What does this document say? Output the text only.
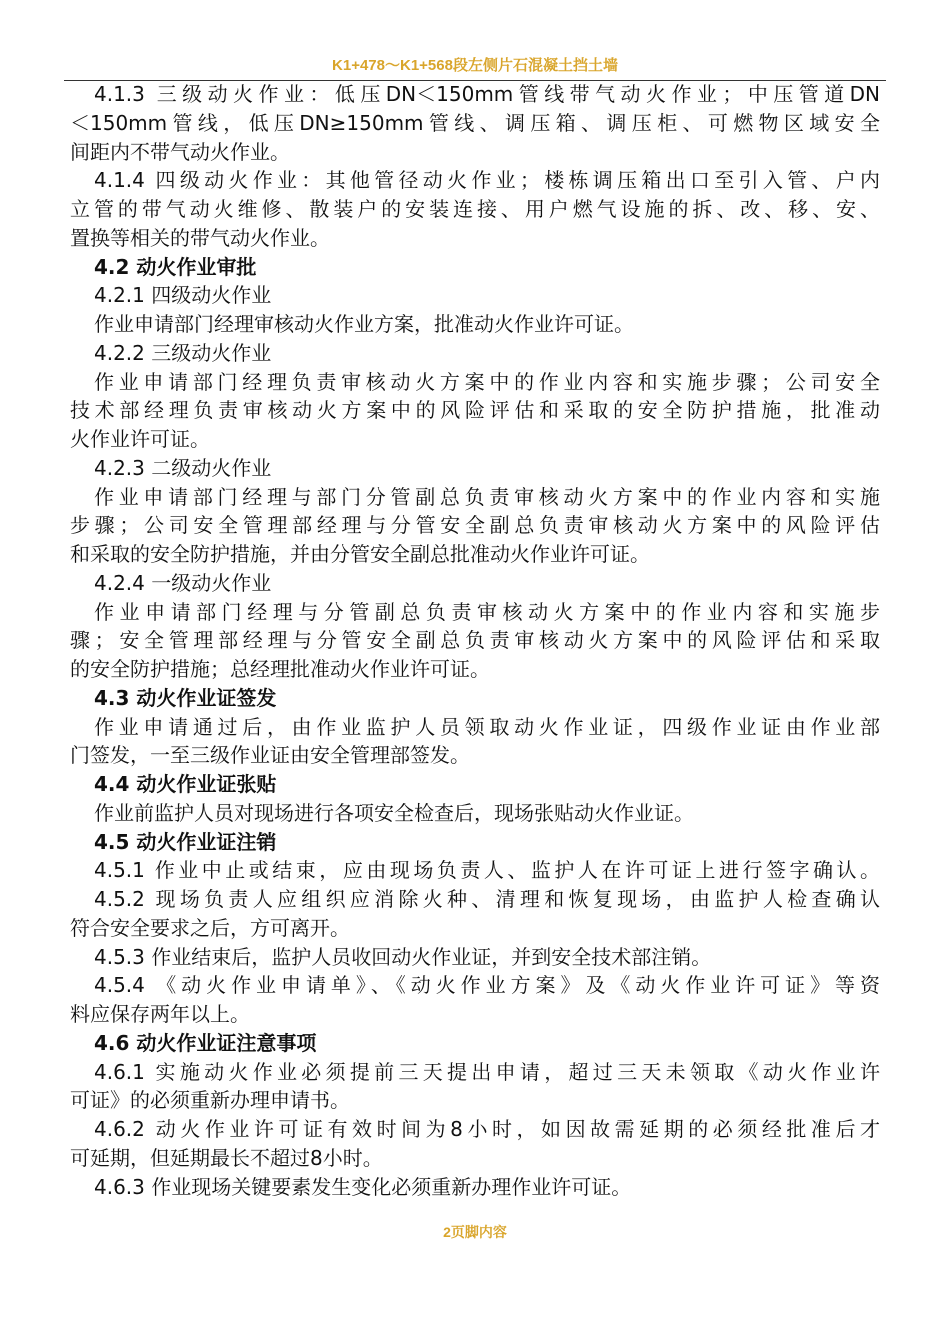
K1+478～K1+568段左侧片石混凝土挡土墙
4.1.3 三级动火作业：低压DN＜150mm管线带气动火作业；中压管道DN
＜150mm管线，低压DN≥150mm管线、调压箱、调压柜、可燃物区域安全
间距内不带气动火作业。
4.1.4 四级动火作业：其他管径动火作业；楼栋调压箱出口至引入管、户内
立管的带气动火维修、散装户的安装连接、用户燃气设施的拆、改、移、安、
置换等相关的带气动火作业。
4.2 动火作业审批
4.2.1 四级动火作业
作业申请部门经理审核动火作业方案，批准动火作业许可证。
4.2.2 三级动火作业
作业申请部门经理负责审核动火方案中的作业内容和实施步骤；公司安全
技术部经理负责审核动火方案中的风险评估和采取的安全防护措施，批准动
火作业许可证。
4.2.3 二级动火作业
作业申请部门经理与部门分管副总负责审核动火方案中的作业内容和实施
步骤；公司安全管理部经理与分管安全副总负责审核动火方案中的风险评估
和采取的安全防护措施，并由分管安全副总批准动火作业许可证。
4.2.4 一级动火作业
作业申请部门经理与分管副总负责审核动火方案中的作业内容和实施步
骤；安全管理部经理与分管安全副总负责审核动火方案中的风险评估和采取
的安全防护措施；总经理批准动火作业许可证。
4.3 动火作业证签发
作业申请通过后，由作业监护人员领取动火作业证，四级作业证由作业部
门签发，一至三级作业证由安全管理部签发。
4.4 动火作业证张贴
作业前监护人员对现场进行各项安全检查后，现场张贴动火作业证。
4.5 动火作业证注销
4.5.1 作业中止或结束，应由现场负责人、监护人在许可证上进行签字确认。
4.5.2 现场负责人应组织应消除火种、清理和恢复现场，由监护人检查确认
符合安全要求之后，方可离开。
4.5.3 作业结束后，监护人员收回动火作业证，并到安全技术部注销。
4.5.4 《动火作业申请单》、《动火作业方案》及《动火作业许可证》等资
料应保存两年以上。
4.6 动火作业证注意事项
4.6.1 实施动火作业必须提前三天提出申请，超过三天未领取《动火作业许
可证》的必须重新办理申请书。
4.6.2 动火作业许可证有效时间为8小时，如因故需延期的必须经批准后才
可延期，但延期最长不超过8小时。
4.6.3 作业现场关键要素发生变化必须重新办理作业许可证。
2页脚内容
